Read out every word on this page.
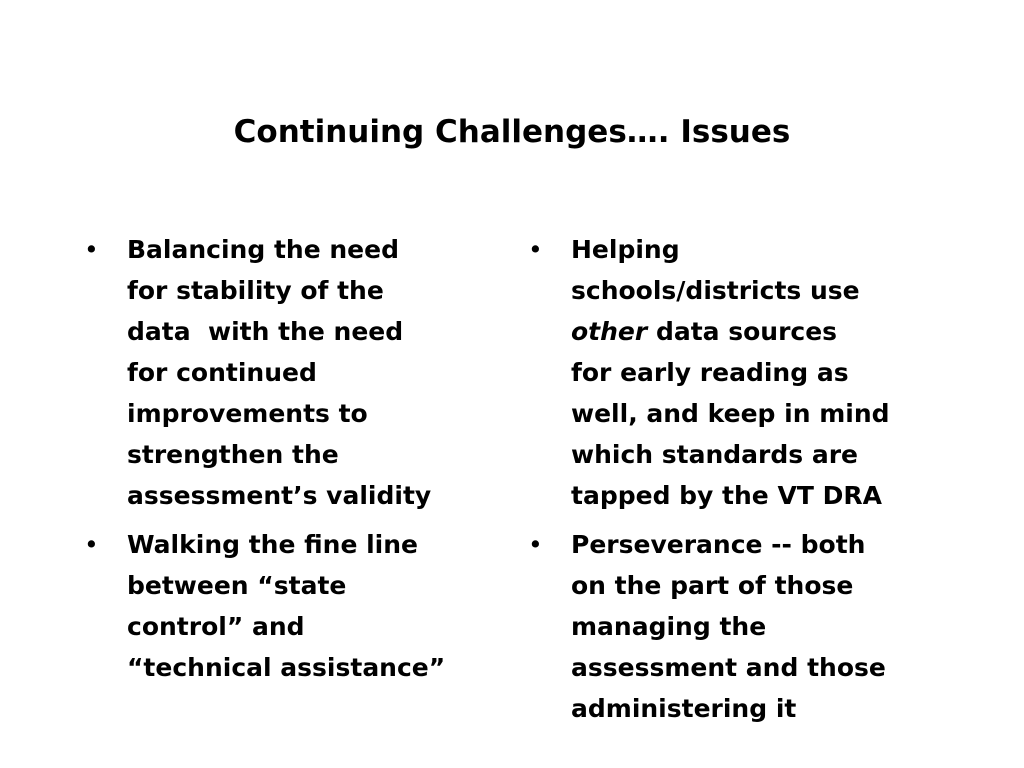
Continuing Challenges…. Issues
• Balancing the need
for stability of the
data  with the need
for continued
improvements to
strengthen the
assessment’s validity
• Walking the fine line
between “state
control” and
“technical assistance”
• Helping
schools/districts use
other data sources
for early reading as
well, and keep in mind
which standards are
tapped by the VT DRA
• Perseverance -- both
on the part of those
managing the
assessment and those
administering it
